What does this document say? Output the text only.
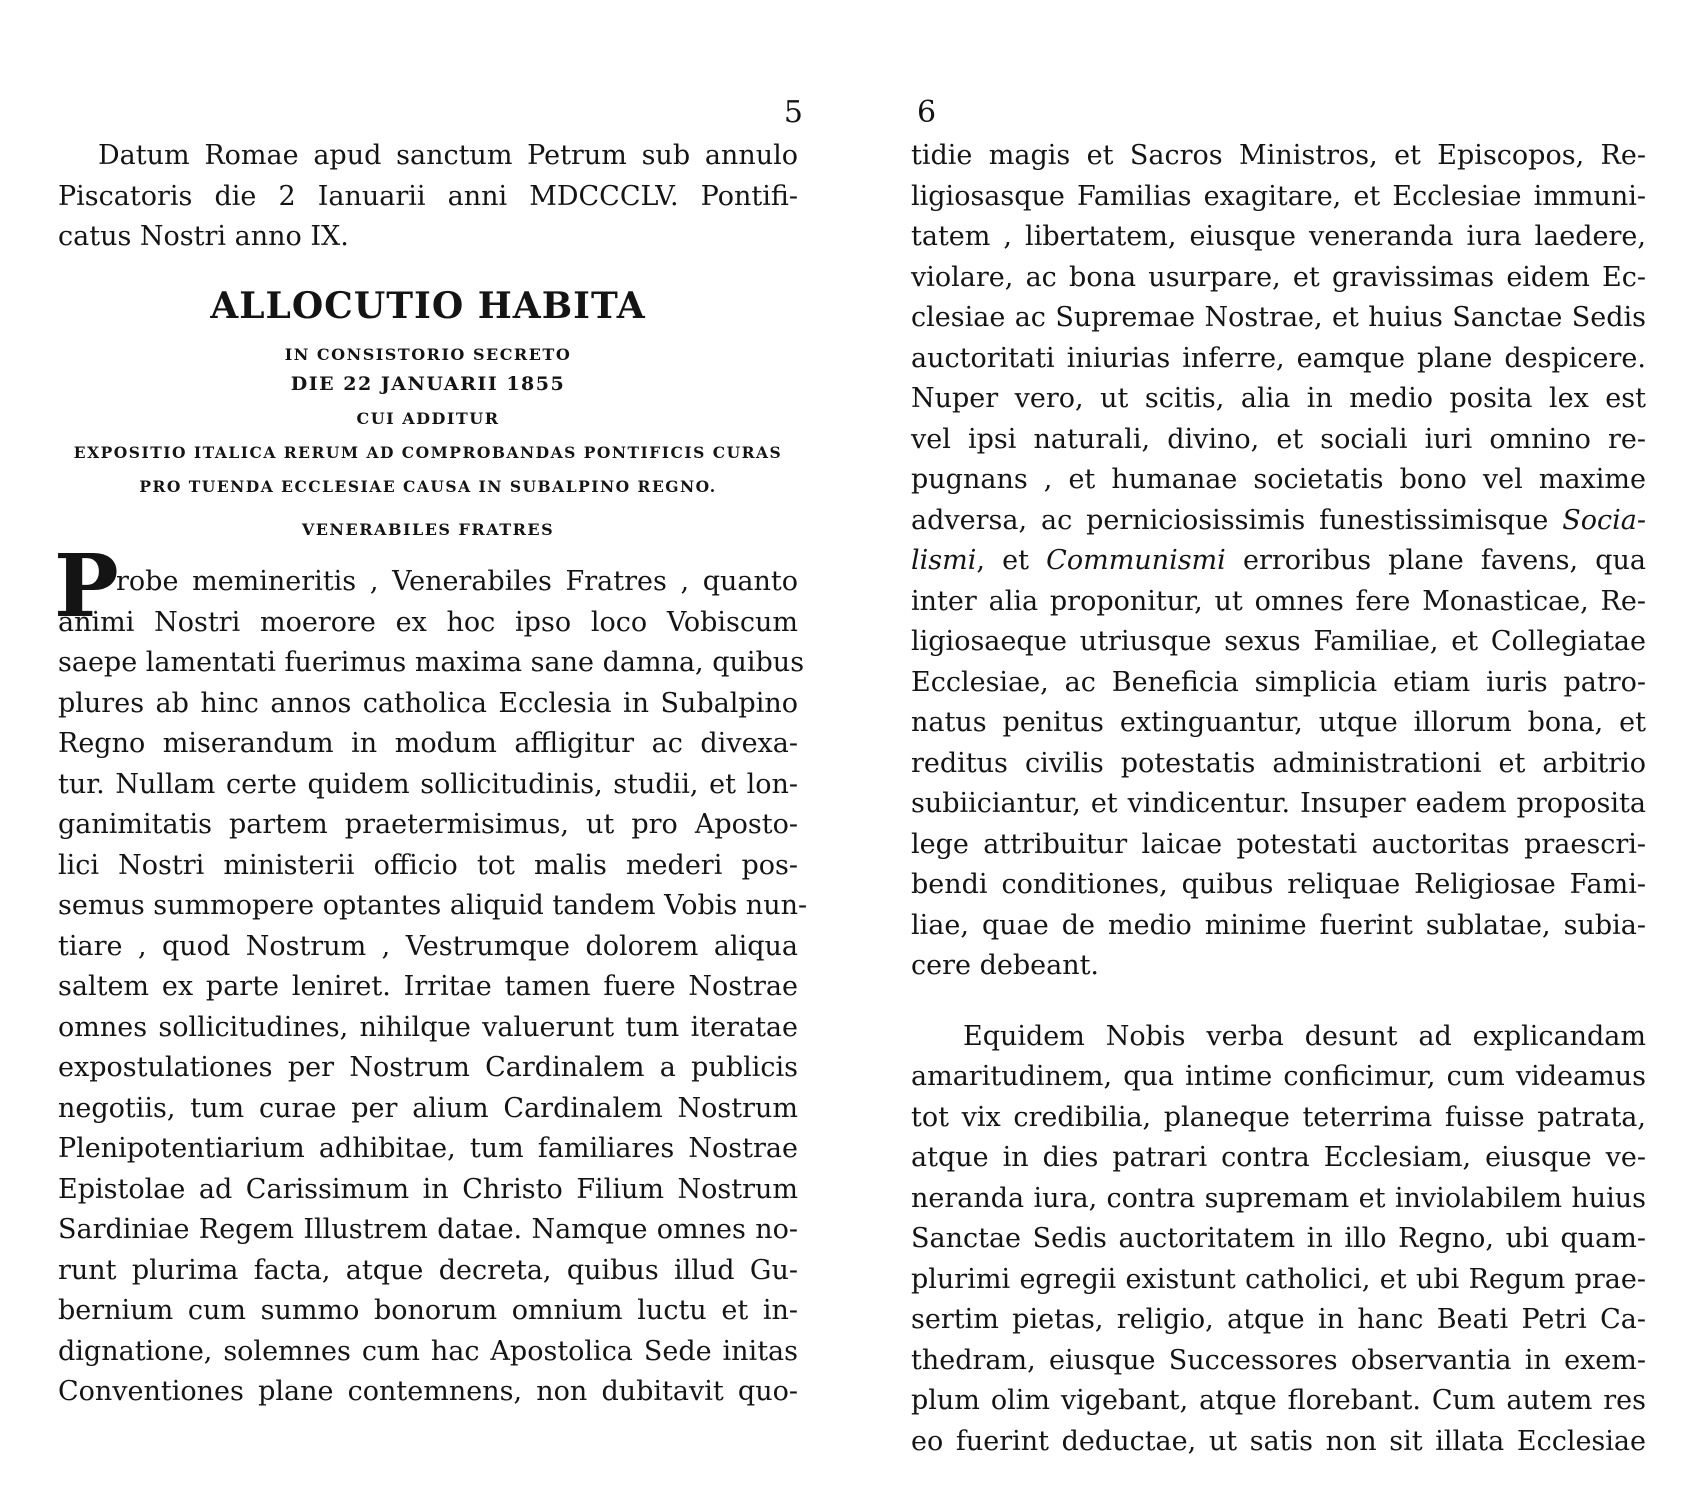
5
Datum Romae apud sanctum Petrum sub annulo
Piscatoris die 2 Ianuarii anni MDCCCLV. Pontifi-
catus Nostri anno IX.
ALLOCUTIO HABITA
IN CONSISTORIO SECRETO
DIE 22 JANUARII 1855
CUI ADDITUR
EXPOSITIO ITALICA RERUM AD COMPROBANDAS PONTIFICIS CURAS
PRO TUENDA ECCLESIAE CAUSA IN SUBALPINO REGNO.
VENERABILES FRATRES
P
robe memineritis , Venerabiles Fratres , quanto
animi Nostri moerore ex hoc ipso loco Vobiscum
saepe lamentati fuerimus maxima sane damna, quibus
plures ab hinc annos catholica Ecclesia in Subalpino
Regno miserandum in modum affligitur ac divexa-
tur. Nullam certe quidem sollicitudinis, studii, et lon-
ganimitatis partem praetermisimus, ut pro Aposto-
lici Nostri ministerii officio tot malis mederi pos-
semus summopere optantes aliquid tandem Vobis nun-
tiare , quod Nostrum , Vestrumque dolorem aliqua
saltem ex parte leniret. Irritae tamen fuere Nostrae
omnes sollicitudines, nihilque valuerunt tum iteratae
expostulationes per Nostrum Cardinalem a publicis
negotiis, tum curae per alium Cardinalem Nostrum
Plenipotentiarium adhibitae, tum familiares Nostrae
Epistolae ad Carissimum in Christo Filium Nostrum
Sardiniae Regem Illustrem datae. Namque omnes no-
runt plurima facta, atque decreta, quibus illud Gu-
bernium cum summo bonorum omnium luctu et in-
dignatione, solemnes cum hac Apostolica Sede initas
Conventiones plane contemnens, non dubitavit quo-
6
tidie magis et Sacros Ministros, et Episcopos, Re-
ligiosasque Familias exagitare, et Ecclesiae immuni-
tatem , libertatem, eiusque veneranda iura laedere,
violare, ac bona usurpare, et gravissimas eidem Ec-
clesiae ac Supremae Nostrae, et huius Sanctae Sedis
auctoritati iniurias inferre, eamque plane despicere.
Nuper vero, ut scitis, alia in medio posita lex est
vel ipsi naturali, divino, et sociali iuri omnino re-
pugnans , et humanae societatis bono vel maxime
adversa, ac perniciosissimis funestissimisque Socia-
lismi, et Communismi erroribus plane favens, qua
inter alia proponitur, ut omnes fere Monasticae, Re-
ligiosaeque utriusque sexus Familiae, et Collegiatae
Ecclesiae, ac Beneficia simplicia etiam iuris patro-
natus penitus extinguantur, utque illorum bona, et
reditus civilis potestatis administrationi et arbitrio
subiiciantur, et vindicentur. Insuper eadem proposita
lege attribuitur laicae potestati auctoritas praescri-
bendi conditiones, quibus reliquae Religiosae Fami-
liae, quae de medio minime fuerint sublatae, subia-
cere debeant.
Equidem Nobis verba desunt ad explicandam
amaritudinem, qua intime conficimur, cum videamus
tot vix credibilia, planeque teterrima fuisse patrata,
atque in dies patrari contra Ecclesiam, eiusque ve-
neranda iura, contra supremam et inviolabilem huius
Sanctae Sedis auctoritatem in illo Regno, ubi quam-
plurimi egregii existunt catholici, et ubi Regum prae-
sertim pietas, religio, atque in hanc Beati Petri Ca-
thedram, eiusque Successores observantia in exem-
plum olim vigebant, atque florebant. Cum autem res
eo fuerint deductae, ut satis non sit illata Ecclesiae
